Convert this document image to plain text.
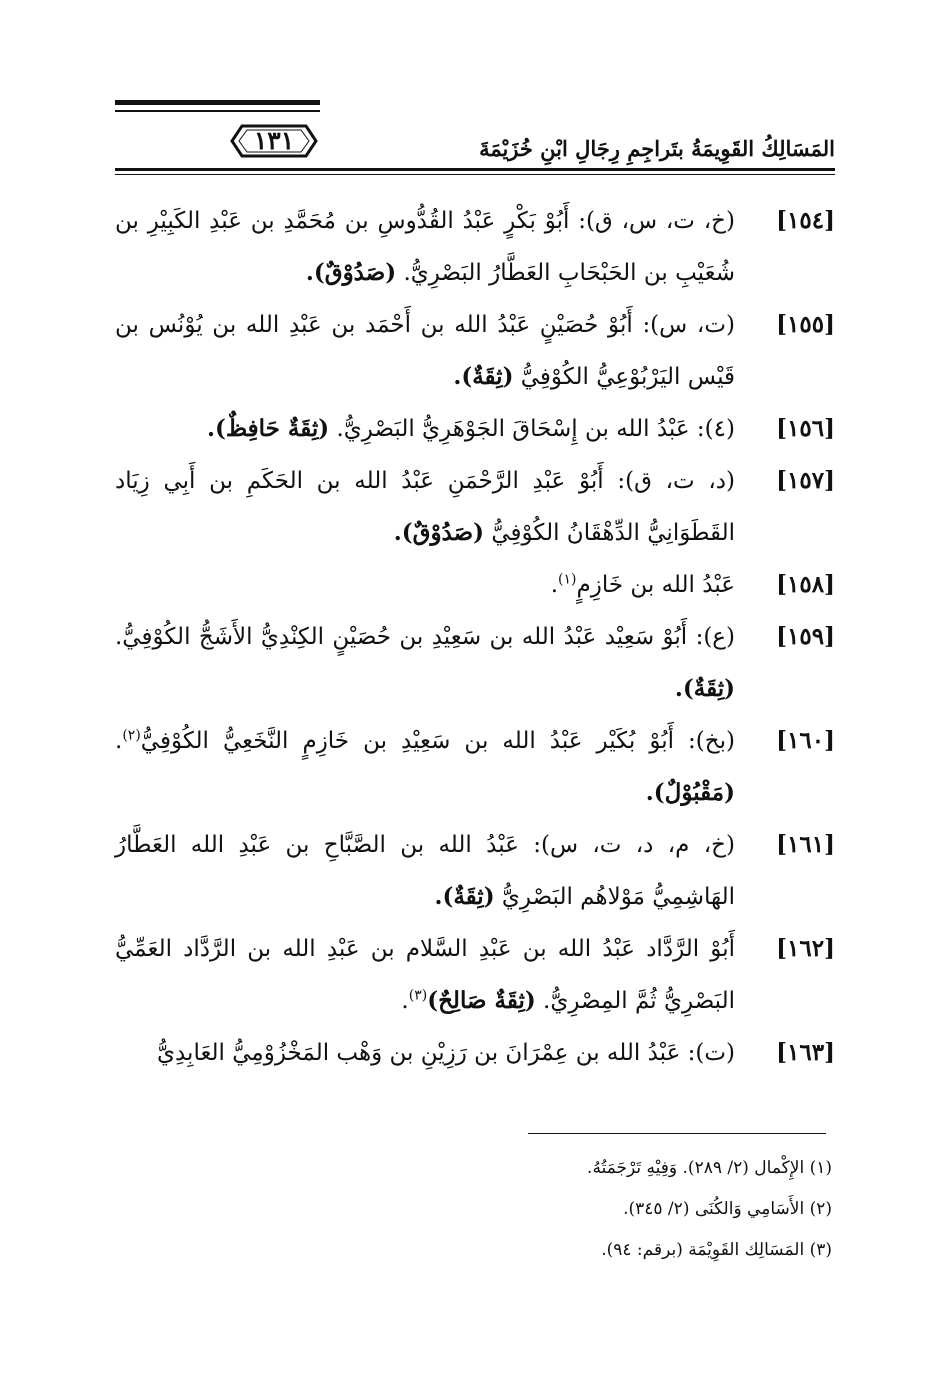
١٣١	المَسَالِكُ القَوِيمَةُ بتَراجِمِ رِجَالِ ابْنِ خُزَيْمَةَ
[١٥٤]
(خ، ت، س، ق): أَبُوْ بَكْرٍ عَبْدُ القُدُّوسِ بن مُحَمَّدِ بن عَبْدِ الكَبِيْرِ بن شُعَيْبِ بن الحَبْحَابِ العَطَّارُ البَصْرِيُّ. (صَدُوْقٌ).
[١٥٥]
(ت، س): أَبُوْ حُصَيْنٍ عَبْدُ الله بن أَحْمَد بن عَبْدِ الله بن يُوْنُس بن قَيْس اليَرْبُوْعِيُّ الكُوْفِيُّ (ثِقَةٌ).
[١٥٦]
(٤): عَبْدُ الله بن إِسْحَاقَ الجَوْهَرِيُّ البَصْرِيُّ. (ثِقَةٌ حَافِظٌ).
[١٥٧]
(د، ت، ق): أَبُوْ عَبْدِ الرَّحْمَنِ عَبْدُ الله بن الحَكَمِ بن أَبِي زِيَاد القَطَوَانِيُّ الدِّهْقَانُ الكُوْفِيُّ (صَدُوْقٌ).
[١٥٨]
عَبْدُ الله بن خَازِمٍ$^{(١)}$.
[١٥٩]
(ع): أَبُوْ سَعِيْد عَبْدُ الله بن سَعِيْدِ بن حُصَيْنٍ الكِنْدِيُّ الأَشَجُّ الكُوْفِيُّ. (ثِقَةٌ).
[١٦٠]
(بخ): أَبُوْ بُكَيْر عَبْدُ الله بن سَعِيْدِ بن خَازِمٍ النَّخَعِيُّ الكُوْفِيُّ$^{(٢)}$. (مَقْبُوْلٌ).
[١٦١]
(خ، م، د، ت، س): عَبْدُ الله بن الصَّبَّاحِ بن عَبْدِ الله العَطَّارُ الهَاشِمِيُّ مَوْلاهُم البَصْرِيُّ (ثِقَةٌ).
[١٦٢]
أَبُوْ الرَّدَّاد عَبْدُ الله بن عَبْدِ السَّلام بن عَبْدِ الله بن الرَّدَّاد العَمِّيُّ البَصْرِيُّ ثُمَّ المِصْرِيُّ. (ثِقَةٌ صَالِحٌ)$^{(٣)}$.
[١٦٣]
(ت): عَبْدُ الله بن عِمْرَانَ بن رَزِيْنِ بن وَهْب المَخْزُوْمِيُّ العَابِدِيُّ
(١) الإِكْمال (٢/ ٢٨٩). وَفِيْهِ تَرْجَمَتُهُ.
(٢) الأَسَامِي وَالكُنَى (٢/ ٣٤٥).
(٣) المَسَالِك القَوِيْمَة (برقم: ٩٤).
